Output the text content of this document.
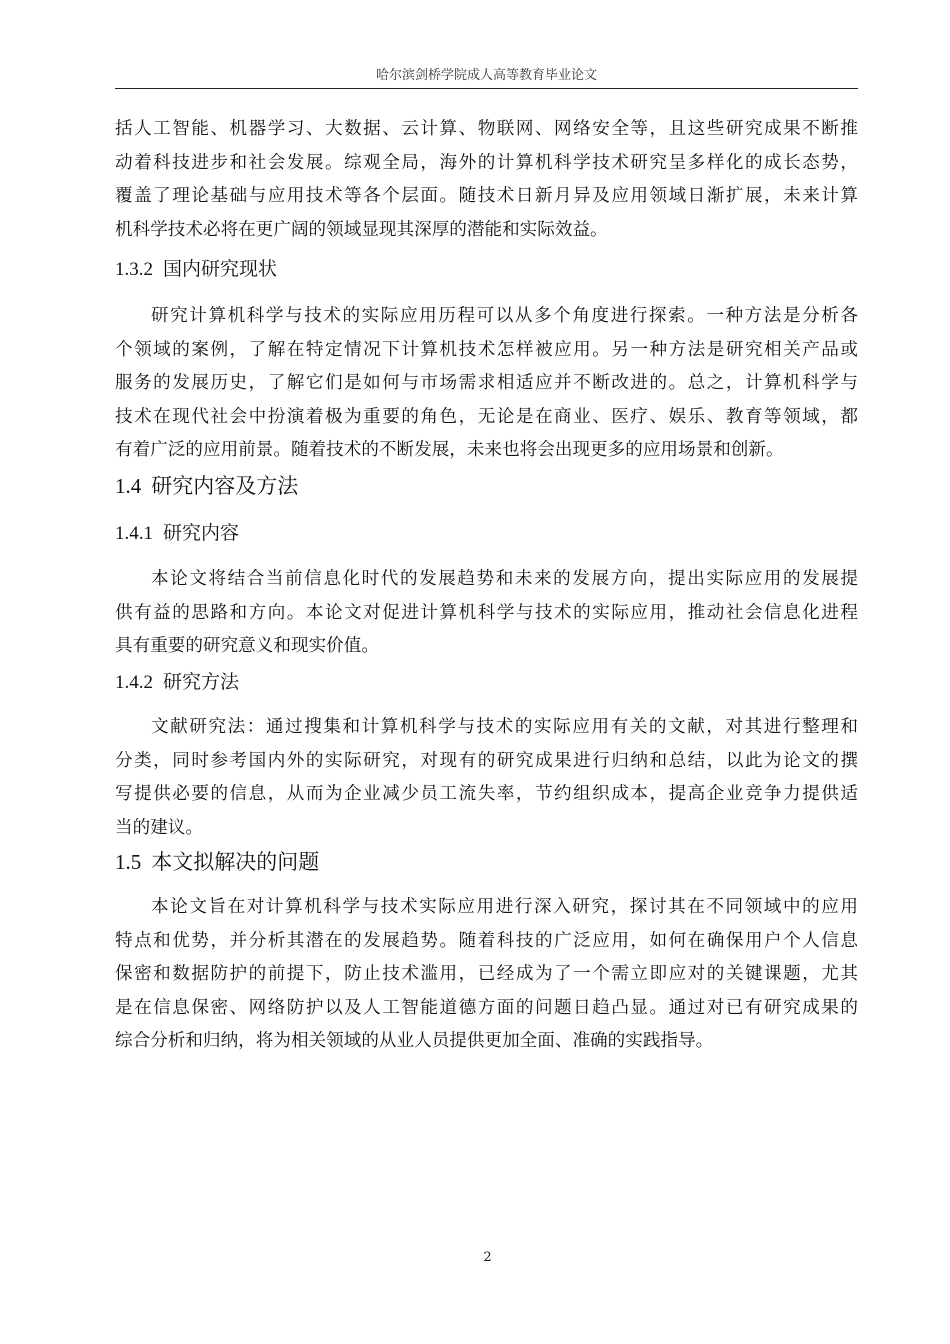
哈尔滨剑桥学院成人高等教育毕业论文
括人工智能、机器学习、大数据、云计算、物联网、网络安全等，且这些研究成果不断推
动着科技进步和社会发展。综观全局，海外的计算机科学技术研究呈多样化的成长态势，
覆盖了理论基础与应用技术等各个层面。随技术日新月异及应用领域日渐扩展，未来计算
机科学技术必将在更广阔的领域显现其深厚的潜能和实际效益。
1.3.2 国内研究现状
研究计算机科学与技术的实际应用历程可以从多个角度进行探索。一种方法是分析各
个领域的案例，了解在特定情况下计算机技术怎样被应用。另一种方法是研究相关产品或
服务的发展历史，了解它们是如何与市场需求相适应并不断改进的。总之，计算机科学与
技术在现代社会中扮演着极为重要的角色，无论是在商业、医疗、娱乐、教育等领域，都
有着广泛的应用前景。随着技术的不断发展，未来也将会出现更多的应用场景和创新。
1.4 研究内容及方法
1.4.1 研究内容
本论文将结合当前信息化时代的发展趋势和未来的发展方向，提出实际应用的发展提
供有益的思路和方向。本论文对促进计算机科学与技术的实际应用，推动社会信息化进程
具有重要的研究意义和现实价值。
1.4.2 研究方法
文献研究法：通过搜集和计算机科学与技术的实际应用有关的文献，对其进行整理和
分类，同时参考国内外的实际研究，对现有的研究成果进行归纳和总结，以此为论文的撰
写提供必要的信息，从而为企业减少员工流失率，节约组织成本，提高企业竞争力提供适
当的建议。
1.5 本文拟解决的问题
本论文旨在对计算机科学与技术实际应用进行深入研究，探讨其在不同领域中的应用
特点和优势，并分析其潜在的发展趋势。随着科技的广泛应用，如何在确保用户个人信息
保密和数据防护的前提下，防止技术滥用，已经成为了一个需立即应对的关键课题，尤其
是在信息保密、网络防护以及人工智能道德方面的问题日趋凸显。通过对已有研究成果的
综合分析和归纳，将为相关领域的从业人员提供更加全面、准确的实践指导。
2
